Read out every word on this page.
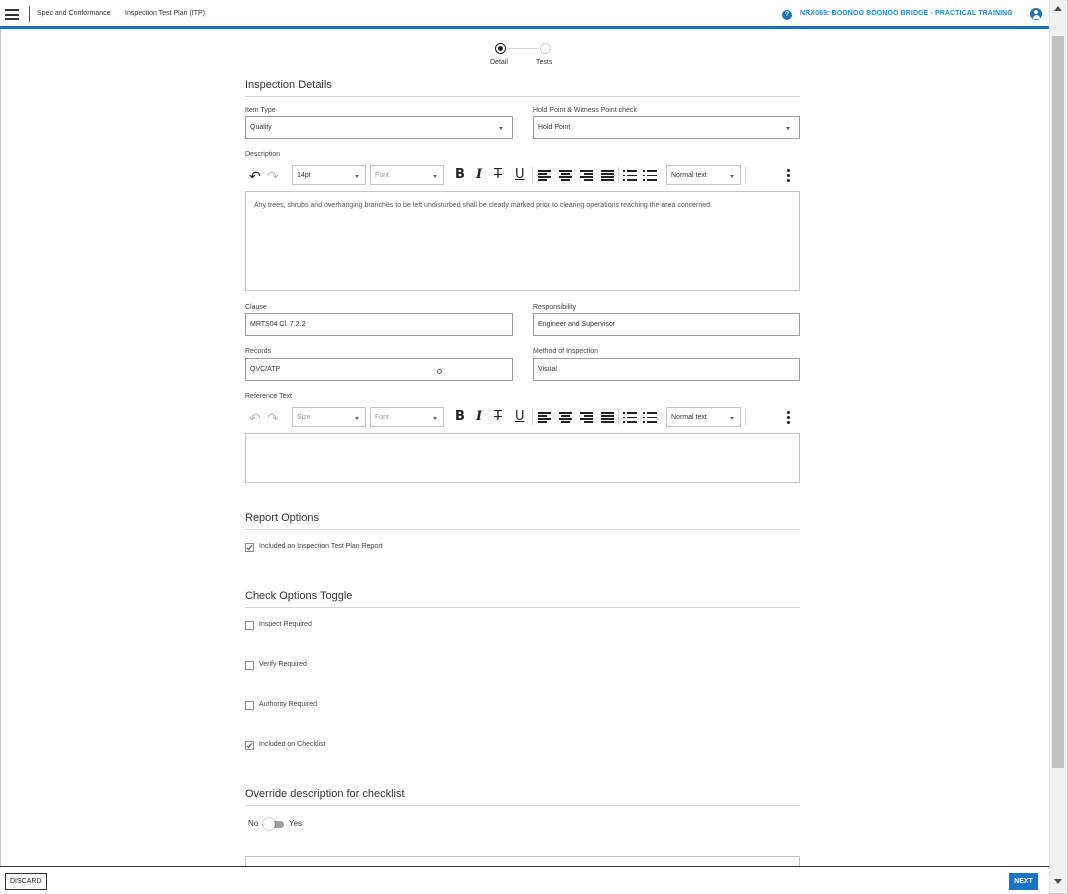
Spec and Conformance Inspection Test Plan (ITP)	?	NRX069: BOONOO BOONOO BRIDGE - PRACTICAL TRAINING
Detail	Tests
Inspection Details
Item Type
Quality
Hold Point & Witness Point check
Hold Point
Description
↶ ↷	14pt	Font	B I T U	Normal text
Any trees, shrubs and overhanging branches to be left undisturbed shall be clearly marked prior to clearing operations reaching the area concerned.
Clause
MRTS04 Cl. 7.2.2
Responsibility
Engineer and Supervisor
Records
QVC/ATP
Method of Inspection
Visual
Reference Text
↶ ↷	Size	Font	B I T U	Normal text
Report Options
Included on Inspection Test Plan Report
Check Options Toggle
Inspect Required
Verify Required
Authority Required
Included on Checklist
Override description for checklist
No	Yes
DISCARD	NEXT
